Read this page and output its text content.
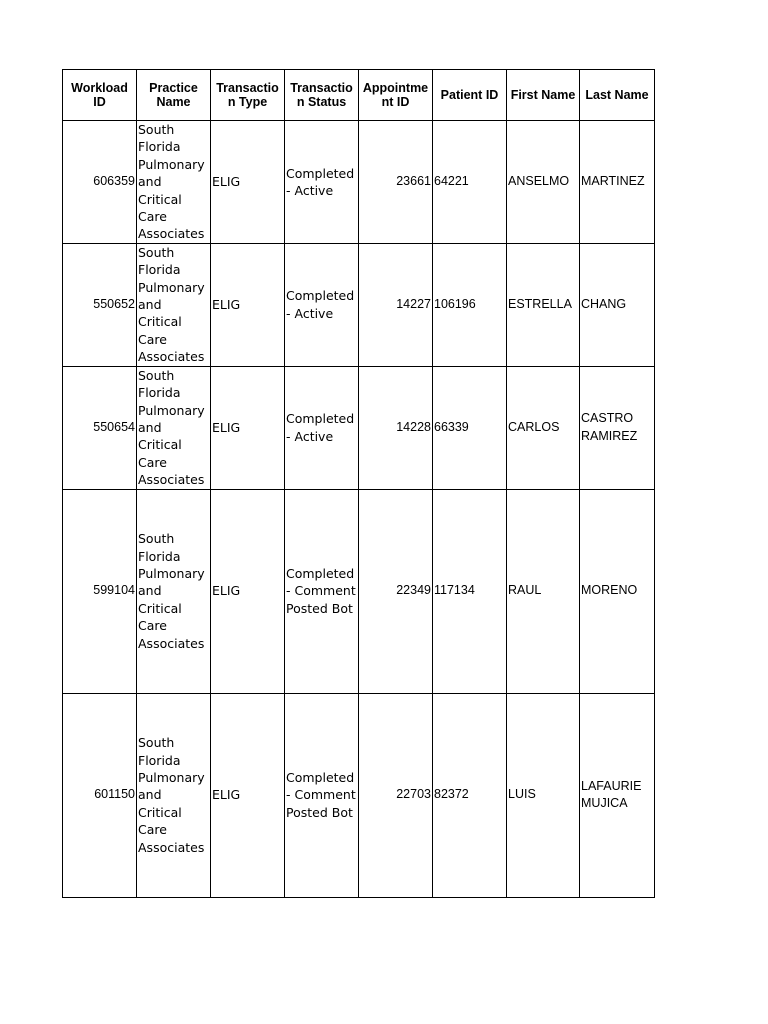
Workload ID	Practice Name	Transactio n Type	Transactio n Status	Appointme nt ID	Patient ID	First Name	Last Name
606359	South Florida Pulmonary and Critical Care Associates	ELIG	Completed- Active	23661	64221	ANSELMO	MARTINEZ
550652	South Florida Pulmonary and Critical Care Associates	ELIG	Completed- Active	14227	106196	ESTRELLA	CHANG
550654	South Florida Pulmonary and Critical Care Associates	ELIG	Completed- Active	14228	66339	CARLOS	CASTRO RAMIREZ
599104	South Florida Pulmonary and Critical Care Associates	ELIG	Completed- Comment Posted Bot	22349	117134	RAUL	MORENO
601150	South Florida Pulmonary and Critical Care Associates	ELIG	Completed- Comment Posted Bot	22703	82372	LUIS	LAFAURIE MUJICA
